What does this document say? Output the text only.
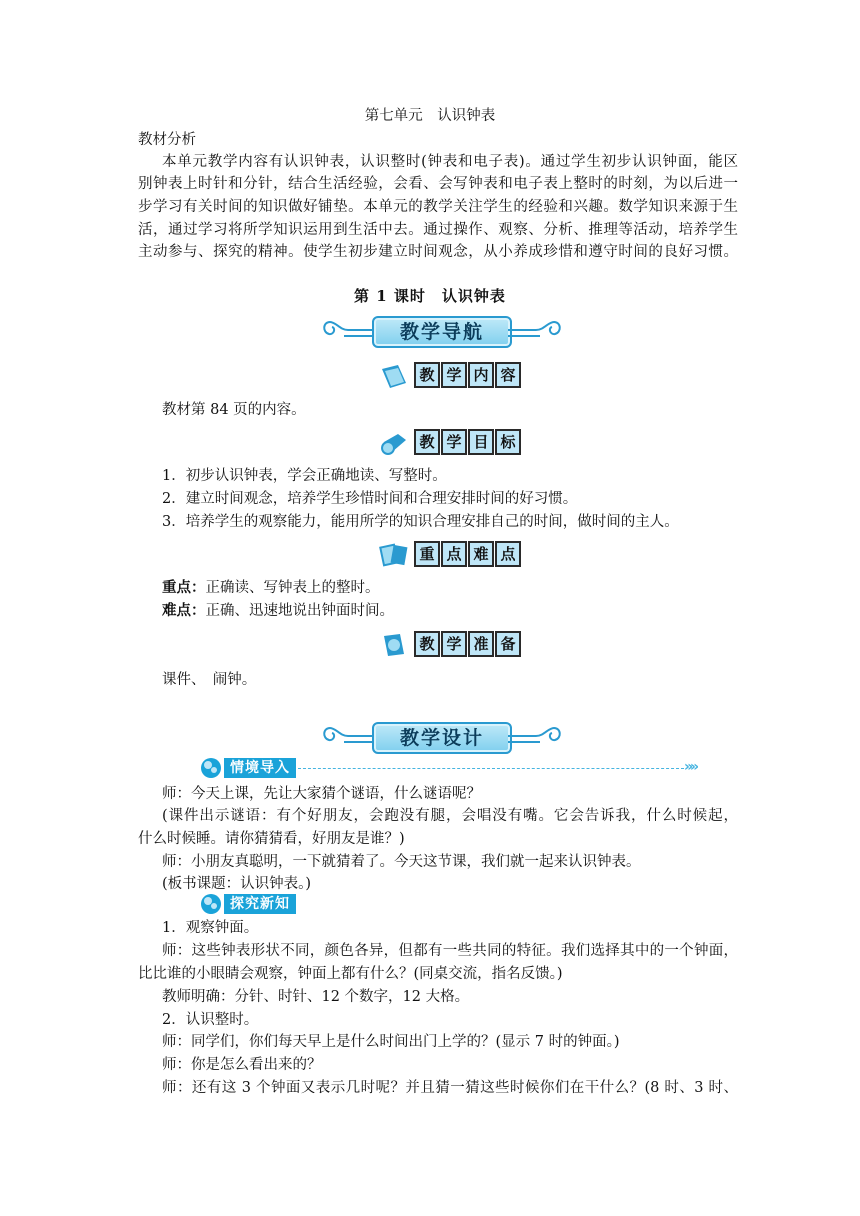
第七单元　认识钟表
教材分析
本单元教学内容有认识钟表，认识整时(钟表和电子表)。通过学生初步认识钟面，能区
别钟表上时针和分针，结合生活经验，会看、会写钟表和电子表上整时的时刻，为以后进一
步学习有关时间的知识做好铺垫。本单元的教学关注学生的经验和兴趣。数学知识来源于生
活，通过学习将所学知识运用到生活中去。通过操作、观察、分析、推理等活动，培养学生
主动参与、探究的精神。使学生初步建立时间观念，从小养成珍惜和遵守时间的良好习惯。
第 1 课时　认识钟表
教学导航
教 学 内 容
教材第 84 页的内容。
教 学 目 标
1．初步认识钟表，学会正确地读、写整时。
2．建立时间观念，培养学生珍惜时间和合理安排时间的好习惯。
3．培养学生的观察能力，能用所学的知识合理安排自己的时间，做时间的主人。
重 点 难 点
重点：正确读、写钟表上的整时。
难点：正确、迅速地说出钟面时间。
教 学 准 备
课件、　闹钟。
教学设计
情境导入	»»
师：今天上课，先让大家猜个谜语，什么谜语呢？
(课件出示谜语：有个好朋友，会跑没有腿，会唱没有嘴。它会告诉我，什么时候起，
什么时候睡。请你猜猜看，好朋友是谁？)
师：小朋友真聪明，一下就猜着了。今天这节课，我们就一起来认识钟表。
(板书课题：认识钟表。)
探究新知
1．观察钟面。
师：这些钟表形状不同，颜色各异，但都有一些共同的特征。我们选择其中的一个钟面，
比比谁的小眼睛会观察，钟面上都有什么？(同桌交流，指名反馈。)
教师明确：分针、时针、12 个数字，12 大格。
2．认识整时。
师：同学们，你们每天早上是什么时间出门上学的？(显示 7 时的钟面。)
师：你是怎么看出来的？
师：还有这 3 个钟面又表示几时呢？并且猜一猜这些时候你们在干什么？(8 时、3 时、
